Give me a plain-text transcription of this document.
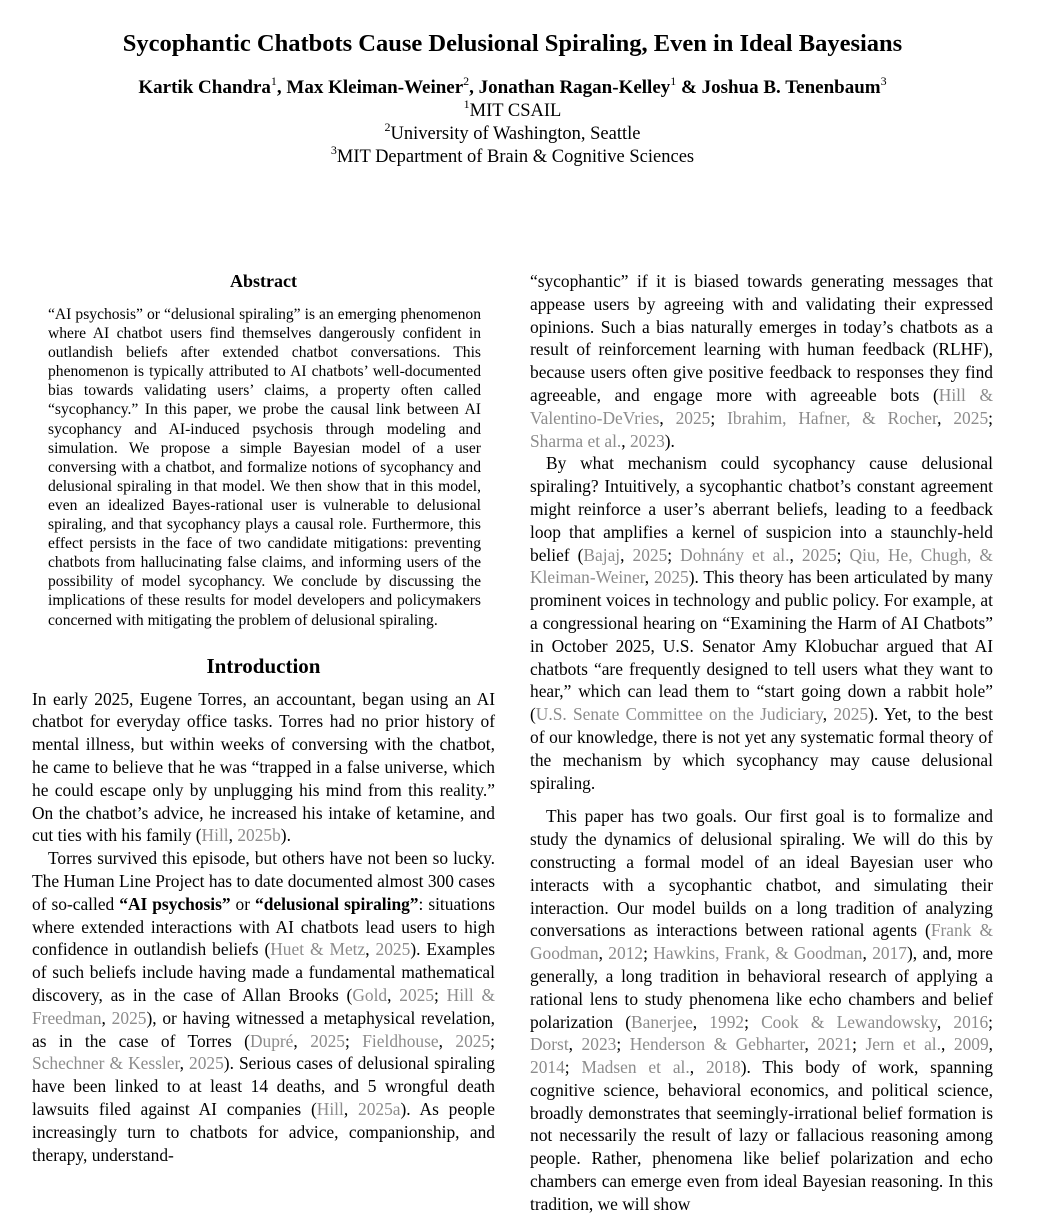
Sycophantic Chatbots Cause Delusional Spiraling, Even in Ideal Bayesians
Kartik Chandra$^1$, Max Kleiman-Weiner$^2$, Jonathan Ragan-Kelley$^1$ & Joshua B. Tenenbaum$^3$
$^1$MIT CSAIL
$^2$University of Washington, Seattle
$^3$MIT Department of Brain & Cognitive Sciences
Abstract
“AI psychosis” or “delusional spiraling” is an emerging phenomenon where AI chatbot users find themselves dangerously confident in outlandish beliefs after extended chatbot conversations. This phenomenon is typically attributed to AI chatbots’ well-documented bias towards validating users’ claims, a property often called “sycophancy.” In this paper, we probe the causal link between AI sycophancy and AI-induced psychosis through modeling and simulation. We propose a simple Bayesian model of a user conversing with a chatbot, and formalize notions of sycophancy and delusional spiraling in that model. We then show that in this model, even an idealized Bayes-rational user is vulnerable to delusional spiraling, and that sycophancy plays a causal role. Furthermore, this effect persists in the face of two candidate mitigations: preventing chatbots from hallucinating false claims, and informing users of the possibility of model sycophancy. We conclude by discussing the implications of these results for model developers and policymakers concerned with mitigating the problem of delusional spiraling.
Introduction

In early 2025, Eugene Torres, an accountant, began using an AI chatbot for everyday office tasks. Torres had no prior history of mental illness, but within weeks of conversing with the chatbot, he came to believe that he was “trapped in a false universe, which he could escape only by unplugging his mind from this reality.” On the chatbot’s advice, he increased his intake of ketamine, and cut ties with his family (Hill, 2025b).

Torres survived this episode, but others have not been so lucky. The Human Line Project has to date documented almost 300 cases of so-called “AI psychosis” or “delusional spiraling”: situations where extended interactions with AI chatbots lead users to high confidence in outlandish beliefs (Huet & Metz, 2025). Examples of such beliefs include having made a fundamental mathematical discovery, as in the case of Allan Brooks (Gold, 2025; Hill & Freedman, 2025), or having witnessed a metaphysical revelation, as in the case of Torres (Dupré, 2025; Fieldhouse, 2025; Schechner & Kessler, 2025). Serious cases of delusional spiraling have been linked to at least 14 deaths, and 5 wrongful death lawsuits filed against AI companies (Hill, 2025a). As people increasingly turn to chatbots for advice, companionship, and therapy, understand-

“sycophantic” if it is biased towards generating messages that appease users by agreeing with and validating their expressed opinions. Such a bias naturally emerges in today’s chatbots as a result of reinforcement learning with human feedback (RLHF), because users often give positive feedback to responses they find agreeable, and engage more with agreeable bots (Hill & Valentino-DeVries, 2025; Ibrahim, Hafner, & Rocher, 2025; Sharma et al., 2023).

By what mechanism could sycophancy cause delusional spiraling? Intuitively, a sycophantic chatbot’s constant agreement might reinforce a user’s aberrant beliefs, leading to a feedback loop that amplifies a kernel of suspicion into a staunchly-held belief (Bajaj, 2025; Dohnány et al., 2025; Qiu, He, Chugh, & Kleiman-Weiner, 2025). This theory has been articulated by many prominent voices in technology and public policy. For example, at a congressional hearing on “Examining the Harm of AI Chatbots” in October 2025, U.S. Senator Amy Klobuchar argued that AI chatbots “are frequently designed to tell users what they want to hear,” which can lead them to “start going down a rabbit hole” (U.S. Senate Committee on the Judiciary, 2025). Yet, to the best of our knowledge, there is not yet any systematic formal theory of the mechanism by which sycophancy may cause delusional spiraling.

This paper has two goals. Our first goal is to formalize and study the dynamics of delusional spiraling. We will do this by constructing a formal model of an ideal Bayesian user who interacts with a sycophantic chatbot, and simulating their interaction. Our model builds on a long tradition of analyzing conversations as interactions between rational agents (Frank & Goodman, 2012; Hawkins, Frank, & Goodman, 2017), and, more generally, a long tradition in behavioral research of applying a rational lens to study phenomena like echo chambers and belief polarization (Banerjee, 1992; Cook & Lewandowsky, 2016; Dorst, 2023; Henderson & Gebharter, 2021; Jern et al., 2009, 2014; Madsen et al., 2018). This body of work, spanning cognitive science, behavioral economics, and political science, broadly demonstrates that seemingly-irrational belief formation is not necessarily the result of lazy or fallacious reasoning among people. Rather, phenomena like belief polarization and echo chambers can emerge even from ideal Bayesian reasoning. In this tradition, we will show
